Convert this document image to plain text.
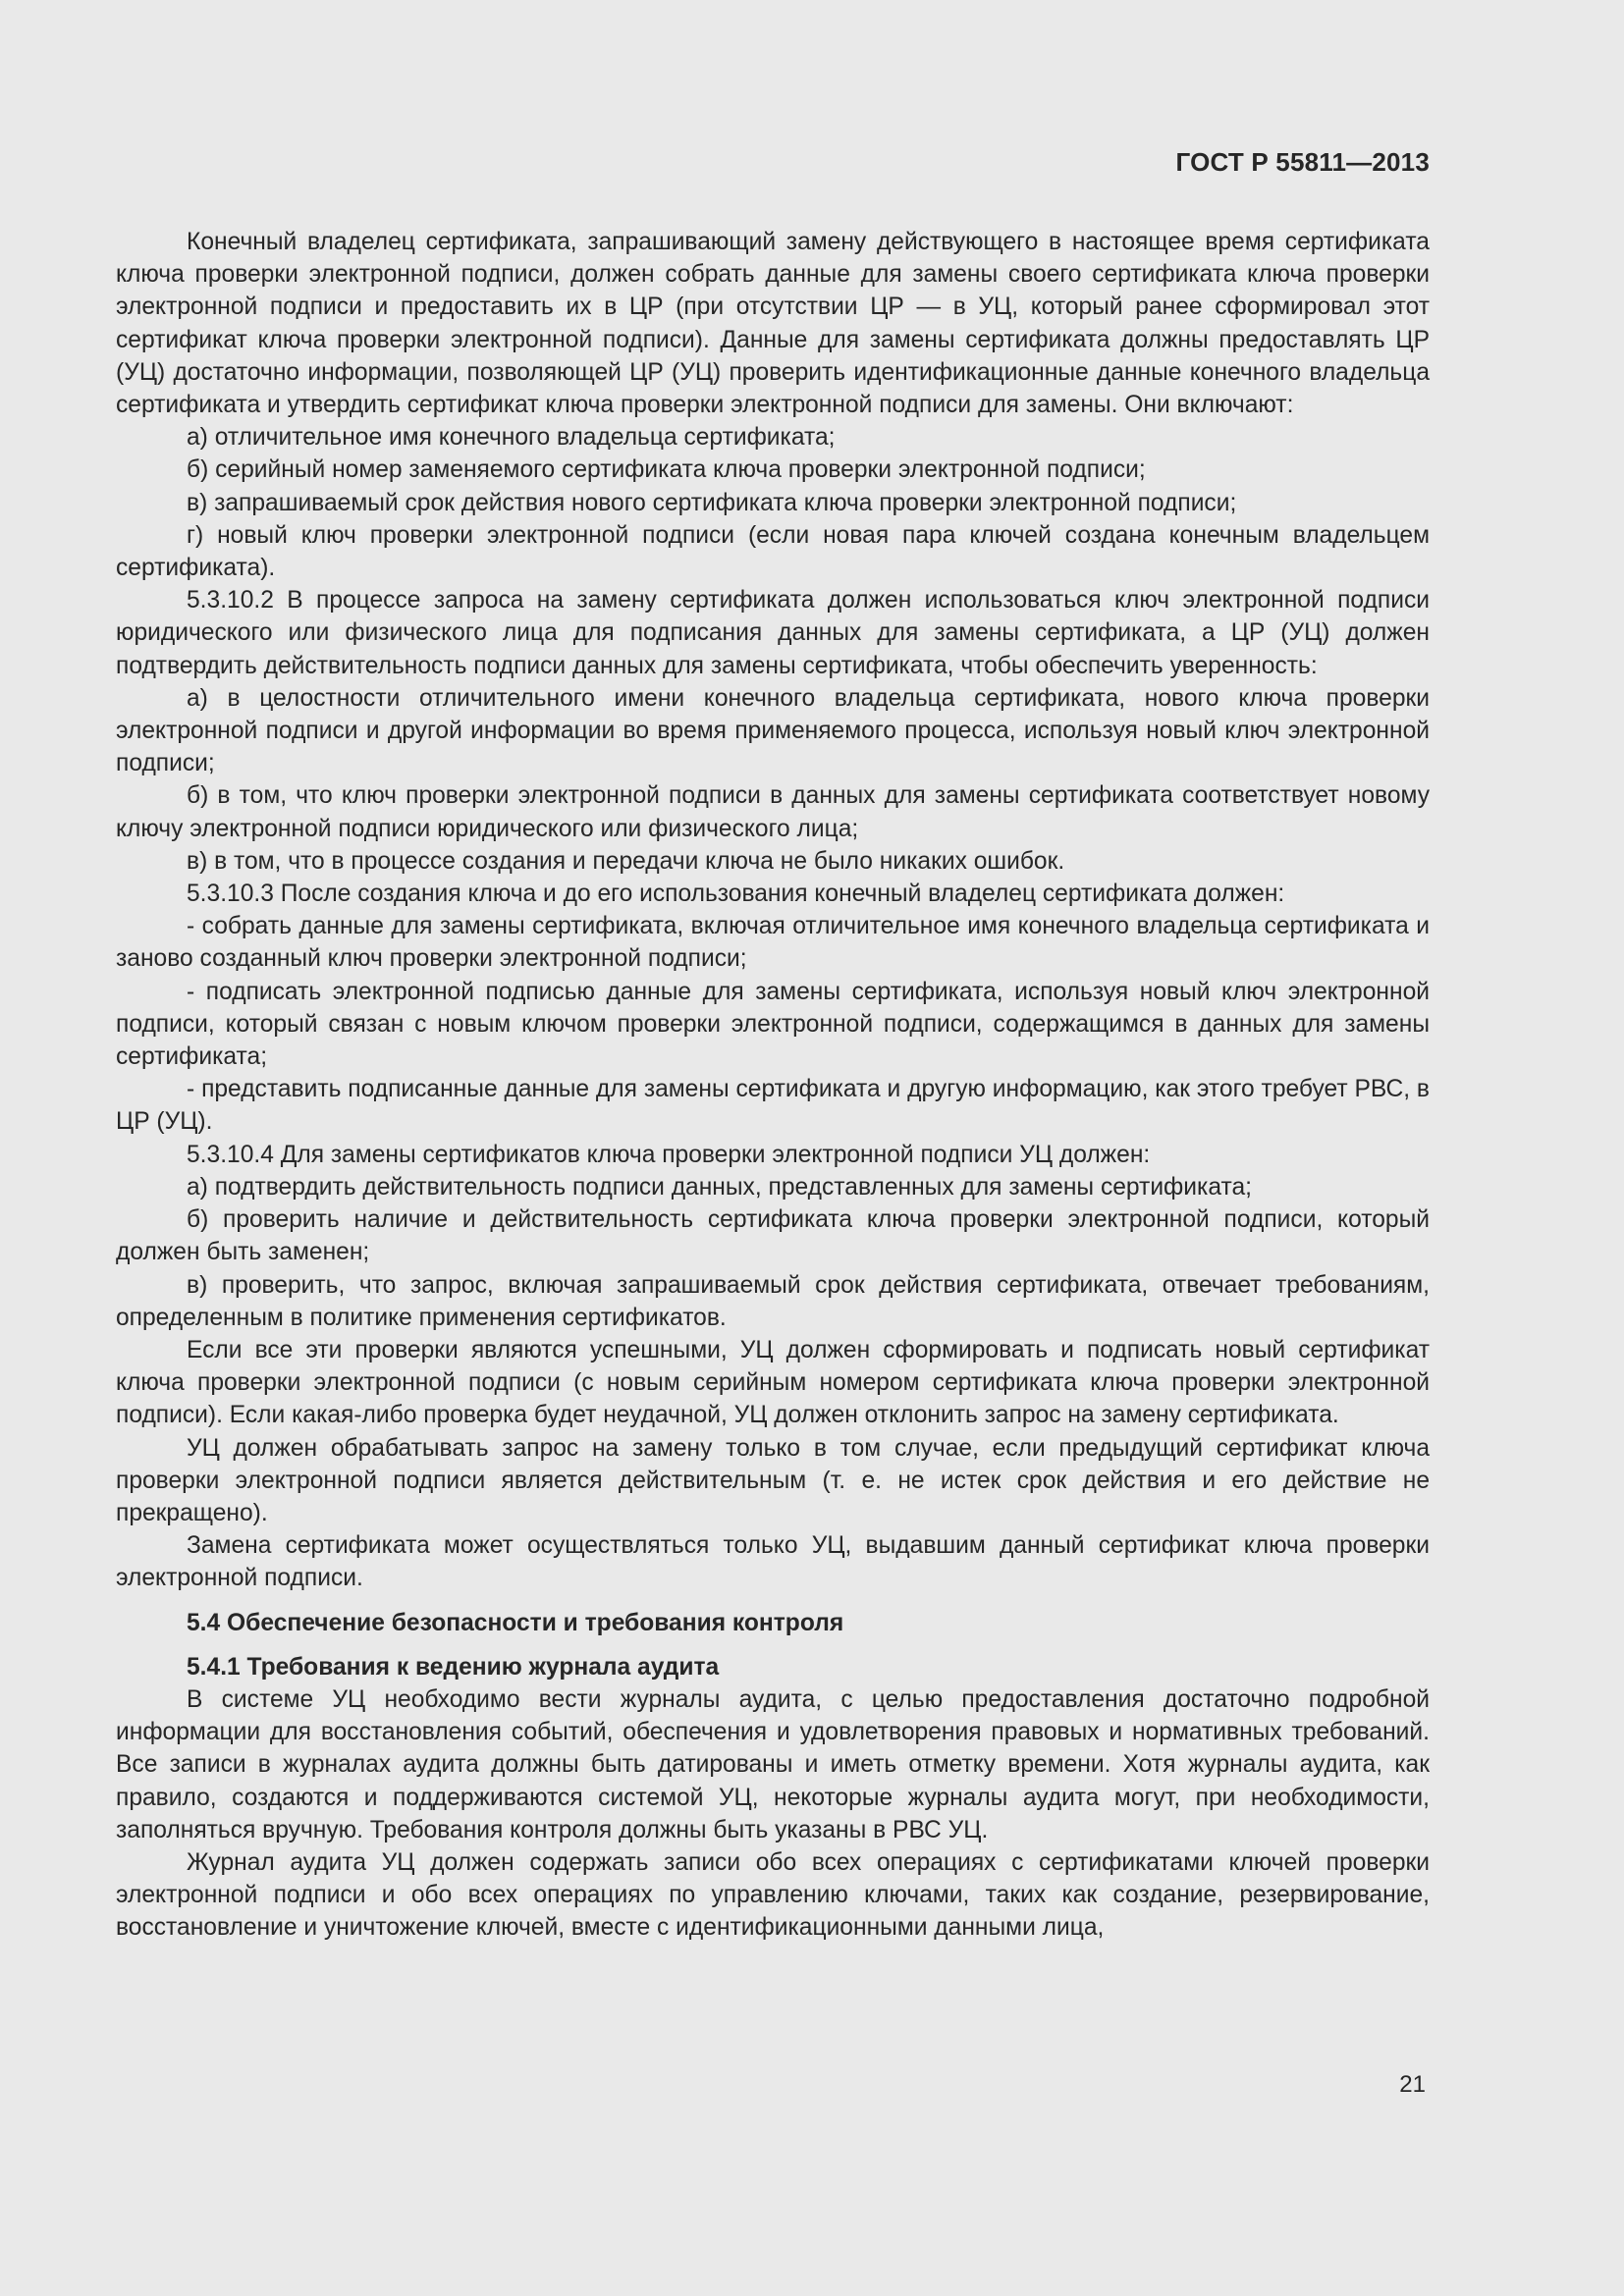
ГОСТ Р 55811—2013

Конечный владелец сертификата, запрашивающий замену действующего в настоящее время сертификата ключа проверки электронной подписи, должен собрать данные для замены своего сертификата ключа проверки электронной подписи и предоставить их в ЦР (при отсутствии ЦР — в УЦ, который ранее сформировал этот сертификат ключа проверки электронной подписи). Данные для замены сертификата должны предоставлять ЦР (УЦ) достаточно информации, позволяющей ЦР (УЦ) проверить идентификационные данные конечного владельца сертификата и утвердить сертификат ключа проверки электронной подписи для замены. Они включают:

а) отличительное имя конечного владельца сертификата;

б) серийный номер заменяемого сертификата ключа проверки электронной подписи;

в) запрашиваемый срок действия нового сертификата ключа проверки электронной подписи;

г) новый ключ проверки электронной подписи (если новая пара ключей создана конечным владельцем сертификата).

5.3.10.2 В процессе запроса на замену сертификата должен использоваться ключ электронной подписи юридического или физического лица для подписания данных для замены сертификата, а ЦР (УЦ) должен подтвердить действительность подписи данных для замены сертификата, чтобы обеспечить уверенность:

а) в целостности отличительного имени конечного владельца сертификата, нового ключа проверки электронной подписи и другой информации во время применяемого процесса, используя новый ключ электронной подписи;

б) в том, что ключ проверки электронной подписи в данных для замены сертификата соответствует новому ключу электронной подписи юридического или физического лица;

в) в том, что в процессе создания и передачи ключа не было никаких ошибок.

5.3.10.3 После создания ключа и до его использования конечный владелец сертификата должен:

- собрать данные для замены сертификата, включая отличительное имя конечного владельца сертификата и заново созданный ключ проверки электронной подписи;

- подписать электронной подписью данные для замены сертификата, используя новый ключ электронной подписи, который связан с новым ключом проверки электронной подписи, содержащимся в данных для замены сертификата;

- представить подписанные данные для замены сертификата и другую информацию, как этого требует РВС, в ЦР (УЦ).

5.3.10.4 Для замены сертификатов ключа проверки электронной подписи УЦ должен:

а) подтвердить действительность подписи данных, представленных для замены сертификата;

б) проверить наличие и действительность сертификата ключа проверки электронной подписи, который должен быть заменен;

в) проверить, что запрос, включая запрашиваемый срок действия сертификата, отвечает требованиям, определенным в политике применения сертификатов.

Если все эти проверки являются успешными, УЦ должен сформировать и подписать новый сертификат ключа проверки электронной подписи (с новым серийным номером сертификата ключа проверки электронной подписи). Если какая-либо проверка будет неудачной, УЦ должен отклонить запрос на замену сертификата.

УЦ должен обрабатывать запрос на замену только в том случае, если предыдущий сертификат ключа проверки электронной подписи является действительным (т. е. не истек срок действия и его действие не прекращено).

Замена сертификата может осуществляться только УЦ, выдавшим данный сертификат ключа проверки электронной подписи.

5.4 Обеспечение безопасности и требования контроля
5.4.1 Требования к ведению журнала аудита

В системе УЦ необходимо вести журналы аудита, с целью предоставления достаточно подробной информации для восстановления событий, обеспечения и удовлетворения правовых и нормативных требований. Все записи в журналах аудита должны быть датированы и иметь отметку времени. Хотя журналы аудита, как правило, создаются и поддерживаются системой УЦ, некоторые журналы аудита могут, при необходимости, заполняться вручную. Требования контроля должны быть указаны в РВС УЦ.

Журнал аудита УЦ должен содержать записи обо всех операциях с сертификатами ключей проверки электронной подписи и обо всех операциях по управлению ключами, таких как создание, резервирование, восстановление и уничтожение ключей, вместе с идентификационными данными лица,

21
